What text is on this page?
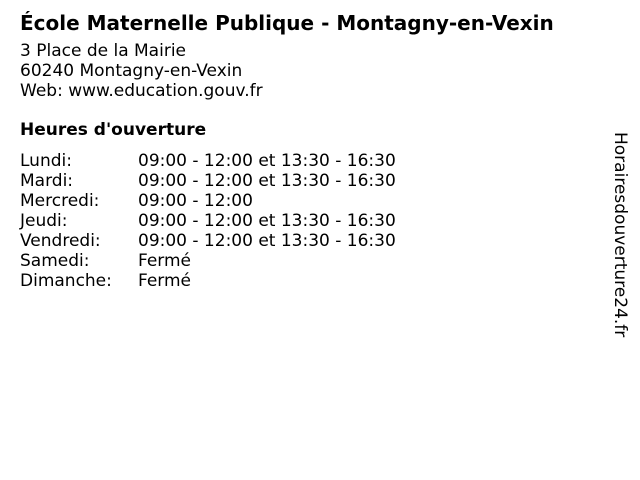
École Maternelle Publique - Montagny-en-Vexin
3 Place de la Mairie
60240 Montagny-en-Vexin
Web: www.education.gouv.fr
Heures d'ouverture
Lundi:	09:00 - 12:00 et 13:30 - 16:30
Mardi:	09:00 - 12:00 et 13:30 - 16:30
Mercredi:	09:00 - 12:00
Jeudi:	09:00 - 12:00 et 13:30 - 16:30
Vendredi:	09:00 - 12:00 et 13:30 - 16:30
Samedi:	Fermé
Dimanche:	Fermé	Horairesdouverture24.fr
